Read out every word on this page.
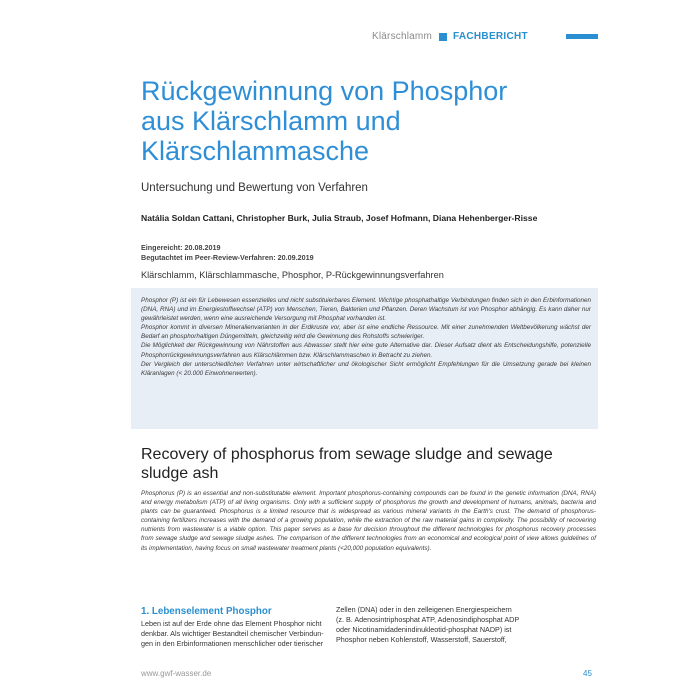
Klärschlamm FACHBERICHT
Rückgewinnung von Phosphor
aus Klärschlamm und
Klärschlammasche
Untersuchung und Bewertung von Verfahren
Natália Soldan Cattani, Christopher Burk, Julia Straub, Josef Hofmann, Diana Hehenberger-Risse
Eingereicht: 20.08.2019
Begutachtet im Peer-Review-Verfahren: 20.09.2019
Klärschlamm, Klärschlammasche, Phosphor, P-Rückgewinnungsverfahren

Phosphor (P) ist ein für Lebewesen essenzielles und nicht substituierbares Element. Wichtige phosphathaltige Verbindungen finden sich in den Erbinformationen (DNA, RNA) und im Energiestoffwechsel (ATP) von Menschen, Tieren, Bakterien und Pflanzen. Deren Wachstum ist von Phosphor abhängig. Es kann daher nur gewährleistet werden, wenn eine ausreichende Versorgung mit Phosphat vorhanden ist.

Phosphor kommt in diversen Mineralienvarianten in der Erdkruste vor, aber ist eine endliche Ressource. Mit einer zunehmenden Weltbevölkerung wächst der Bedarf an phosphorhaltigen Düngemitteln, gleichzeitig wird die Gewinnung des Rohstoffs schwieriger.

Die Möglichkeit der Rückgewinnung von Nährstoffen aus Abwasser stellt hier eine gute Alternative dar. Dieser Aufsatz dient als Entscheidungshilfe, potenzielle Phosphorrückgewinnungsverfahren aus Klärschlämmen bzw. Klärschlammaschen in Betracht zu ziehen.

Der Vergleich der unterschiedlichen Verfahren unter wirtschaftlicher und ökologischer Sicht ermöglicht Empfehlungen für die Umsetzung gerade bei kleinen Kläranlagen (< 20.000 Einwohnerwerten).

Recovery of phosphorus from sewage sludge and sewage
sludge ash

Phosphorus (P) is an essential and non-substitutable element. Important phosphorus-containing compounds can be found in the genetic information (DNA, RNA) and energy metabolism (ATP) of all living organisms. Only with a sufficient supply of phosphorus the growth and development of humans, animals, bacteria and plants can be guaranteed. Phosphorus is a limited resource that is widespread as various mineral variants in the Earth's crust. The demand of phosphorus-containing fertilizers increases with the demand of a growing population, while the extraction of the raw material gains in complexity. The possibility of recovering nutrients from wastewater is a viable option. This paper serves as a base for decision throughout the different technologies for phosphorus recovery processes from sewage sludge and sewage sludge ashes. The comparison of the different technologies from an economical and ecological point of view allows guidelines of its implementation, having focus on small wastewater treatment plants (<20,000 population equivalents).

1. Lebenselement Phosphor
Leben ist auf der Erde ohne das Element Phosphor nicht
denkbar. Als wichtiger Bestandteil chemischer Verbindun-
gen in den Erbinformationen menschlicher oder tierischer
Zellen (DNA) oder in den zelleigenen Energiespeichern
(z. B. Adenosintriphosphat ATP, Adenosindiphosphat ADP
oder Nicotinamidadenindinukleotid-phosphat NADP) ist
Phosphor neben Kohlenstoff, Wasserstoff, Sauerstoff,
www.gwf-wasser.de	45
